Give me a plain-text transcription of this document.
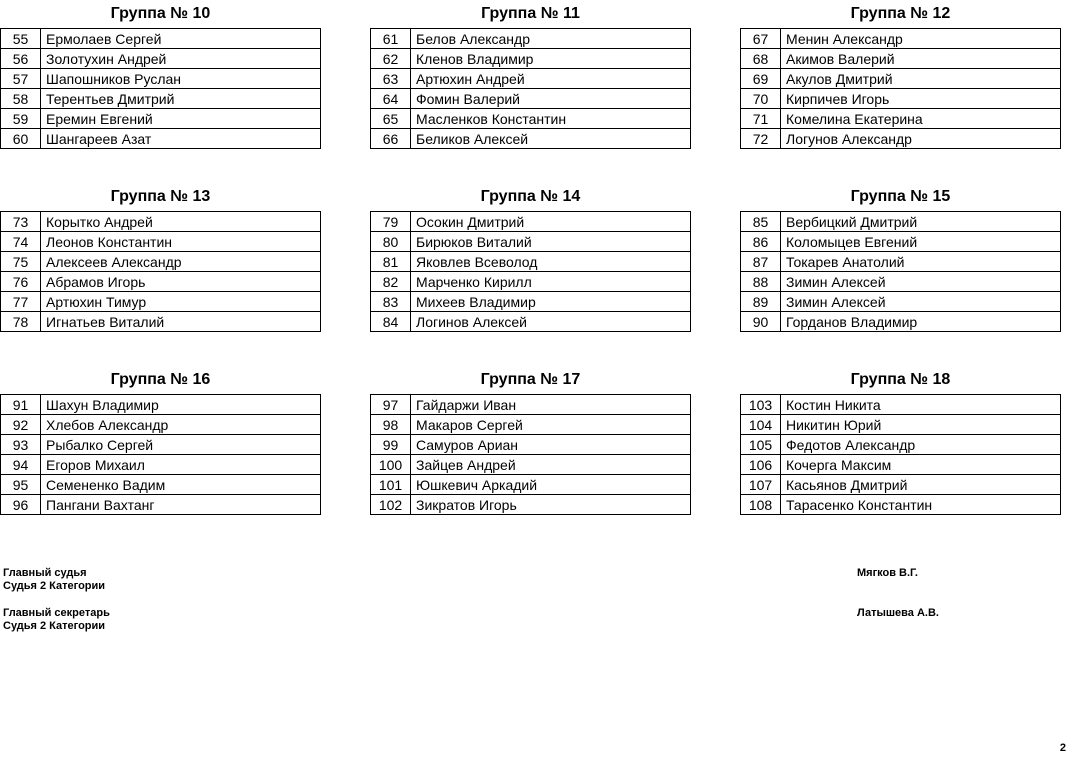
Группа № 10
55	Ермолаев Сергей
56	Золотухин Андрей
57	Шапошников Руслан
58	Терентьев Дмитрий
59	Еремин Евгений
60	Шангареев Азат
Группа № 11
61	Белов Александр
62	Кленов Владимир
63	Артюхин Андрей
64	Фомин Валерий
65	Масленков Константин
66	Беликов Алексей
Группа № 12
67	Менин Александр
68	Акимов Валерий
69	Акулов Дмитрий
70	Кирпичев Игорь
71	Комелина Екатерина
72	Логунов Александр
Группа № 13
73	Корытко Андрей
74	Леонов Константин
75	Алексеев Александр
76	Абрамов Игорь
77	Артюхин Тимур
78	Игнатьев Виталий
Группа № 14
79	Осокин Дмитрий
80	Бирюков Виталий
81	Яковлев Всеволод
82	Марченко Кирилл
83	Михеев Владимир
84	Логинов Алексей
Группа № 15
85	Вербицкий Дмитрий
86	Коломыцев Евгений
87	Токарев Анатолий
88	Зимин Алексей
89	Зимин Алексей
90	Горданов Владимир
Группа № 16
91	Шахун Владимир
92	Хлебов Александр
93	Рыбалко Сергей
94	Егоров Михаил
95	Семененко Вадим
96	Пангани Вахтанг
Группа № 17
97	Гайдаржи Иван
98	Макаров Сергей
99	Самуров Ариан
100	Зайцев Андрей
101	Юшкевич Аркадий
102	Зикратов Игорь
Группа № 18
103	Костин Никита
104	Никитин Юрий
105	Федотов Александр
106	Кочерга Максим
107	Касьянов Дмитрий
108	Тарасенко Константин
Главный судья
Судья 2 Категории
Мягков В.Г.
Главный секретарь
Судья 2 Категории
Латышева А.В.
2
